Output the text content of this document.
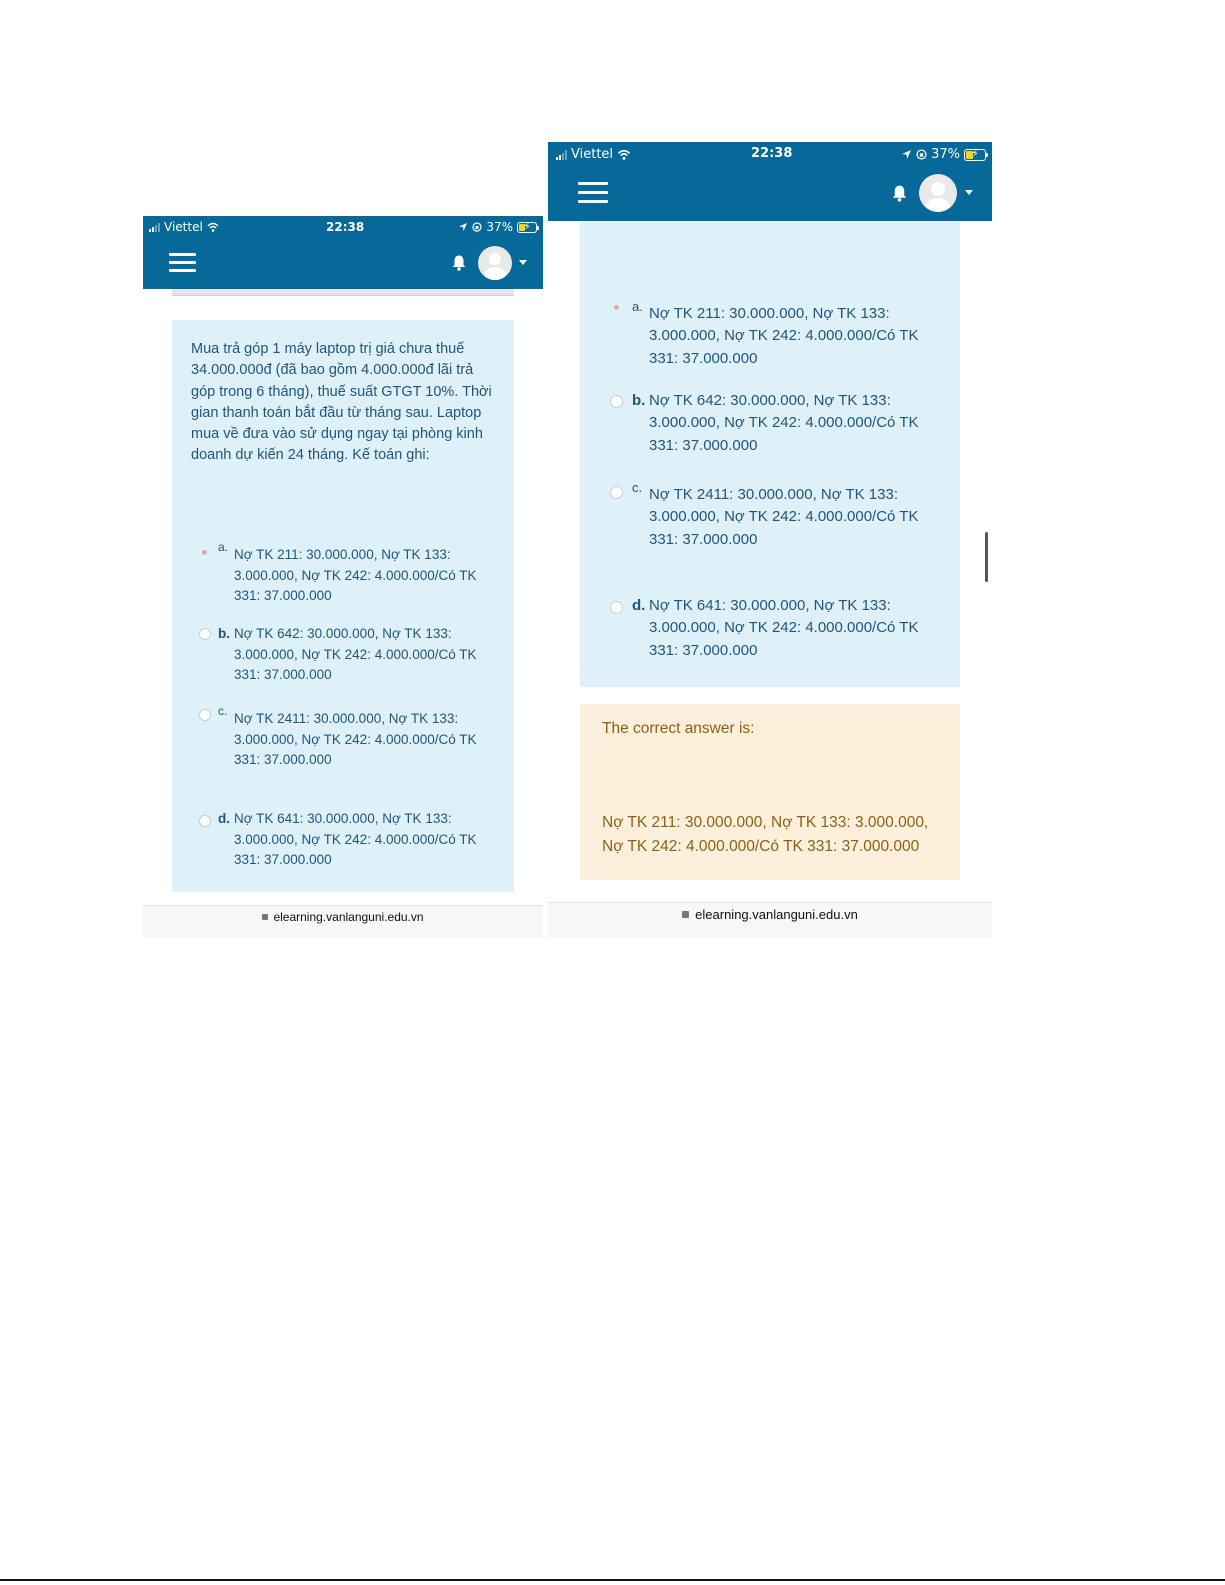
Viettel	22:38	37% ⚡
Mua trả góp 1 máy laptop trị giá chưa thuế 34.000.000đ (đã bao gồm 4.000.000đ lãi trả góp trong 6 tháng), thuế suất GTGT 10%. Thời gian thanh toán bắt đầu từ tháng sau. Laptop mua về đưa vào sử dụng ngay tại phòng kinh doanh dự kiến 24 tháng. Kế toán ghi:
a. Nợ TK 211: 30.000.000, Nợ TK 133: 3.000.000, Nợ TK 242: 4.000.000/Có TK 331: 37.000.000
b. Nợ TK 642: 30.000.000, Nợ TK 133: 3.000.000, Nợ TK 242: 4.000.000/Có TK 331: 37.000.000
c. Nợ TK 2411: 30.000.000, Nợ TK 133: 3.000.000, Nợ TK 242: 4.000.000/Có TK 331: 37.000.000
d. Nợ TK 641: 30.000.000, Nợ TK 133: 3.000.000, Nợ TK 242: 4.000.000/Có TK 331: 37.000.000
elearning.vanlanguni.edu.vn
Viettel	22:38	37%	⚡
a. Nợ TK 211: 30.000.000, Nợ TK 133: 3.000.000, Nợ TK 242: 4.000.000/Có TK 331: 37.000.000
b. Nợ TK 642: 30.000.000, Nợ TK 133: 3.000.000, Nợ TK 242: 4.000.000/Có TK 331: 37.000.000
c. Nợ TK 2411: 30.000.000, Nợ TK 133: 3.000.000, Nợ TK 242: 4.000.000/Có TK 331: 37.000.000
d. Nợ TK 641: 30.000.000, Nợ TK 133: 3.000.000, Nợ TK 242: 4.000.000/Có TK 331: 37.000.000
The correct answer is:
Nợ TK 211: 30.000.000, Nợ TK 133: 3.000.000, Nợ TK 242: 4.000.000/Có TK 331: 37.000.000
elearning.vanlanguni.edu.vn
